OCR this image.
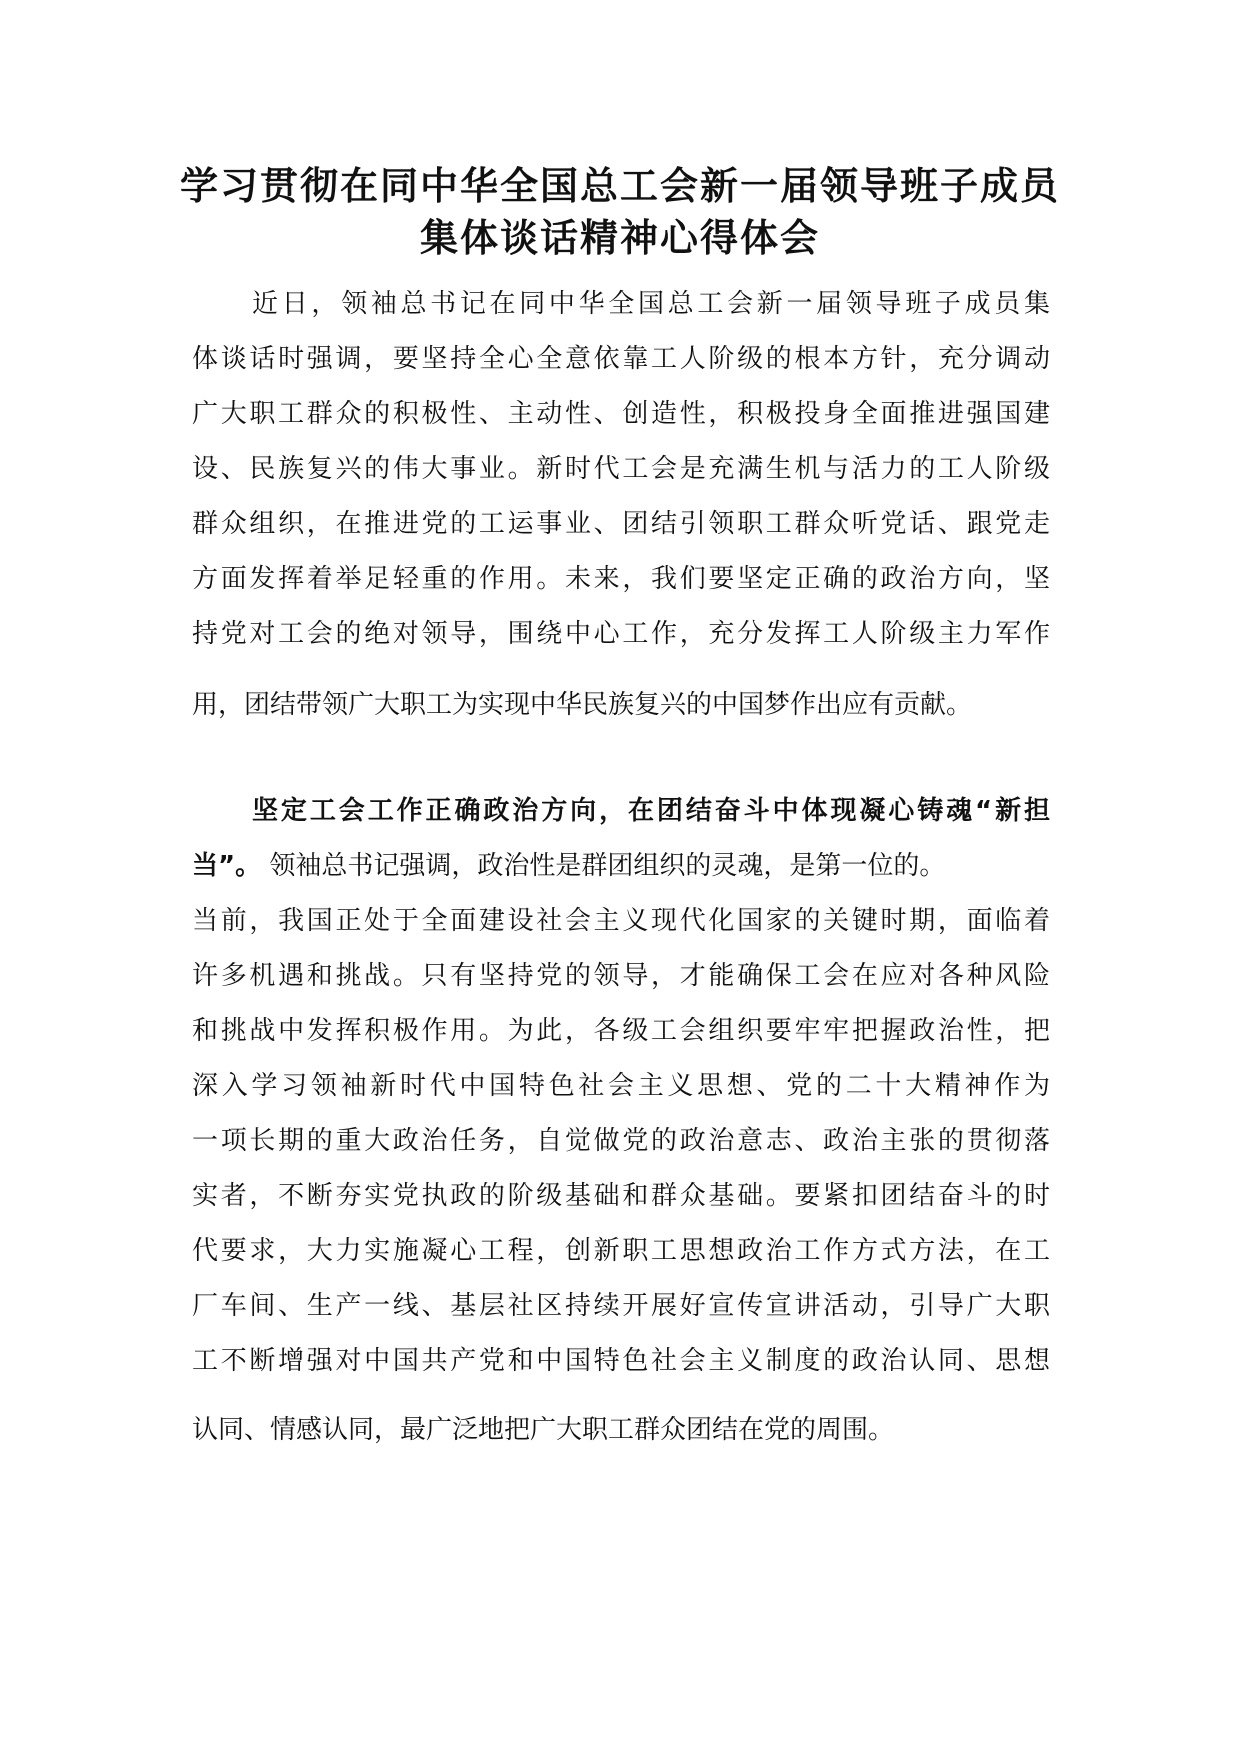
学习贯彻在同中华全国总工会新一届领导班子成员
集体谈话精神心得体会
近日，领袖总书记在同中华全国总工会新一届领导班子成员集
体谈话时强调，要坚持全心全意依靠工人阶级的根本方针，充分调动
广大职工群众的积极性、主动性、创造性，积极投身全面推进强国建
设、民族复兴的伟大事业。新时代工会是充满生机与活力的工人阶级
群众组织，在推进党的工运事业、团结引领职工群众听党话、跟党走
方面发挥着举足轻重的作用。未来，我们要坚定正确的政治方向，坚
持党对工会的绝对领导，围绕中心工作，充分发挥工人阶级主力军作
用，团结带领广大职工为实现中华民族复兴的中国梦作出应有贡献。
坚定工会工作正确政治方向，在团结奋斗中体现凝心铸魂“新担
当”。 领袖总书记强调，政治性是群团组织的灵魂，是第一位的。
当前，我国正处于全面建设社会主义现代化国家的关键时期，面临着
许多机遇和挑战。只有坚持党的领导，才能确保工会在应对各种风险
和挑战中发挥积极作用。为此，各级工会组织要牢牢把握政治性，把
深入学习领袖新时代中国特色社会主义思想、党的二十大精神作为
一项长期的重大政治任务，自觉做党的政治意志、政治主张的贯彻落
实者，不断夯实党执政的阶级基础和群众基础。要紧扣团结奋斗的时
代要求，大力实施凝心工程，创新职工思想政治工作方式方法，在工
厂车间、生产一线、基层社区持续开展好宣传宣讲活动，引导广大职
工不断增强对中国共产党和中国特色社会主义制度的政治认同、思想
认同、情感认同，最广泛地把广大职工群众团结在党的周围。
